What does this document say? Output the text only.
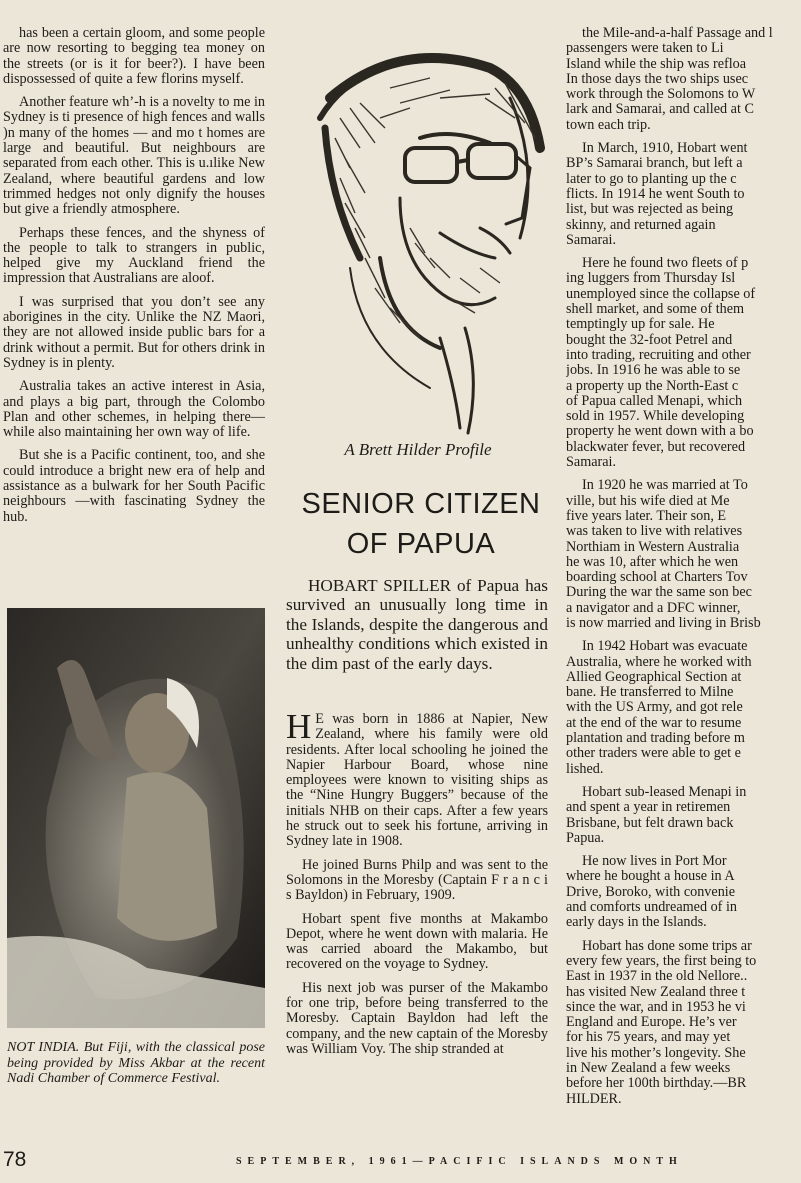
has been a certain gloom, and some people are now resorting to begging tea money on the streets (or is it for beer?). I have been dispossessed of quite a few florins myself.

Another feature wh’-h is a novelty to me in Sydney is ti presence of high fences and walls )n many of the homes — and mo t homes are large and beautiful. But neighbours are separated from each other. This is u.ılike New Zealand, where beautiful gardens and low trimmed hedges not only dignify the houses but give a friendly atmosphere.

Perhaps these fences, and the shyness of the people to talk to strangers in public, helped give my Auckland friend the impression that Australians are aloof.

I was surprised that you don’t see any aborigines in the city. Unlike the NZ Maori, they are not allowed inside public bars for a drink without a permit. But for others drink in Sydney is in plenty.

Australia takes an active interest in Asia, and plays a big part, through the Colombo Plan and other schemes, in helping there—while also maintaining her own way of life.

But she is a Pacific continent, too, and she could introduce a bright new era of help and assistance as a bulwark for her South Pacific neighbours —with fascinating Sydney the hub.

NOT INDIA. But Fiji, with the classical pose being provided by Miss Akbar at the recent Nadi Chamber of Commerce Festival.
A Brett Hilder Profile
SENIOR CITIZEN
OF PAPUA

HOBART SPILLER of Papua has survived an unusually long time in the Islands, despite the dangerous and unhealthy conditions which existed in the dim past of the early days.

H E was born in 1886 at Napier, New Zealand, where his family were old residents. After local schooling he joined the Napier Harbour Board, whose nine employees were known to visiting ships as the “Nine Hungry Buggers” because of the initials NHB on their caps. After a few years he struck out to seek his fortune, arriving in Sydney late in 1908.

He joined Burns Philp and was sent to the Solomons in the Moresby (Captain F r a n c i s Bayldon) in February, 1909.

Hobart spent five months at Makambo Depot, where he went down with malaria. He was carried aboard the Makambo, but recovered on the voyage to Sydney.

His next job was purser of the Makambo for one trip, before being transferred to the Moresby. Captain Bayldon had left the company, and the new captain of the Moresby was William Voy. The ship stranded at

the Mile-and-a-half Passage and l

passengers were taken to Li

Island while the ship was refloa

In those days the two ships usec

work through the Solomons to W

lark and Samarai, and called at C

town each trip.

In March, 1910, Hobart went

BP’s Samarai branch, but left a

later to go to planting up the c

flicts. In 1914 he went South to

list, but was rejected as being

skinny, and returned again

Samarai.

Here he found two fleets of p

ing luggers from Thursday Isl

unemployed since the collapse of

shell market, and some of them

temptingly up for sale. He

bought the 32-foot Petrel and

into trading, recruiting and other

jobs. In 1916 he was able to se

a property up the North-East c

of Papua called Menapi, which

sold in 1957. While developing

property he went down with a bo

blackwater fever, but recovered

Samarai.

In 1920 he was married at To

ville, but his wife died at Me

five years later. Their son, E

was taken to live with relatives

Northiam in Western Australia

he was 10, after which he wen

boarding school at Charters Tov

During the war the same son bec

a navigator and a DFC winner,

is now married and living in Brisb

In 1942 Hobart was evacuate

Australia, where he worked with

Allied Geographical Section at

bane. He transferred to Milne

with the US Army, and got rele

at the end of the war to resume

plantation and trading before m

other traders were able to get e

lished.

Hobart sub-leased Menapi in

and spent a year in retiremen

Brisbane, but felt drawn back

Papua.

He now lives in Port Mor

where he bought a house in A

Drive, Boroko, with convenie

and comforts undreamed of in

early days in the Islands.

Hobart has done some trips ar

every few years, the first being to

East in 1937 in the old Nellore..

has visited New Zealand three t

since the war, and in 1953 he vi

England and Europe. He’s ver

for his 75 years, and may yet

live his mother’s longevity. She

in New Zealand a few weeks

before her 100th birthday.—BR

HILDER.

78	SEPTEMBER, 1961—PACIFIC ISLANDS MONTH
